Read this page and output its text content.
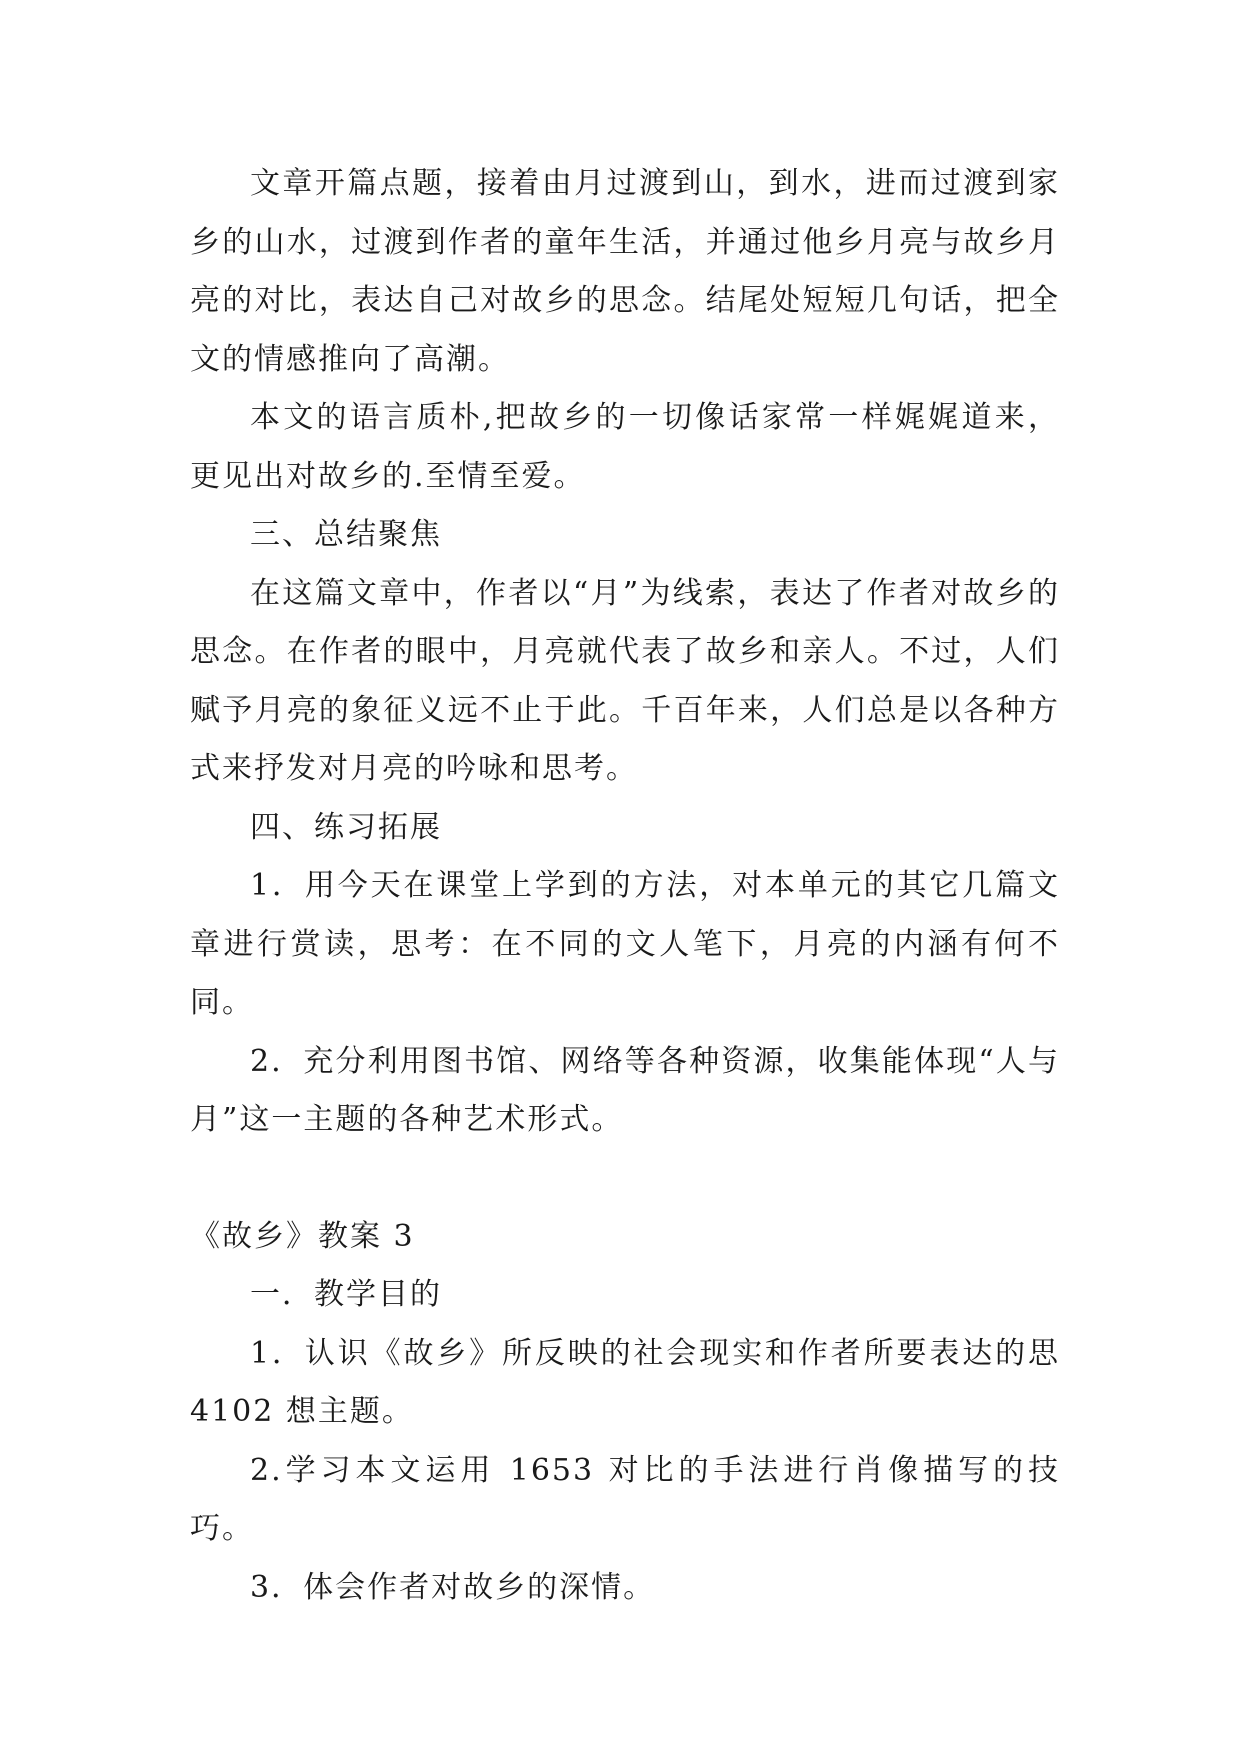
文章开篇点题，接着由月过渡到山，到水，进而过渡到家乡的山水，过渡到作者的童年生活，并通过他乡月亮与故乡月亮的对比，表达自己对故乡的思念。结尾处短短几句话，把全文的情感推向了高潮。

本文的语言质朴,把故乡的一切像话家常一样娓娓道来，更见出对故乡的.至情至爱。

三、总结聚焦

在这篇文章中，作者以“月”为线索，表达了作者对故乡的思念。在作者的眼中，月亮就代表了故乡和亲人。不过，人们赋予月亮的象征义远不止于此。千百年来，人们总是以各种方式来抒发对月亮的吟咏和思考。

四、练习拓展

1．用今天在课堂上学到的方法，对本单元的其它几篇文章进行赏读，思考：在不同的文人笔下，月亮的内涵有何不同。

2．充分利用图书馆、网络等各种资源，收集能体现“人与月”这一主题的各种艺术形式。

《故乡》教案 3

一．教学目的

1．认识《故乡》所反映的社会现实和作者所要表达的思 4102 想主题。

2.学习本文运用 1653 对比的手法进行肖像描写的技巧。

3．体会作者对故乡的深情。
